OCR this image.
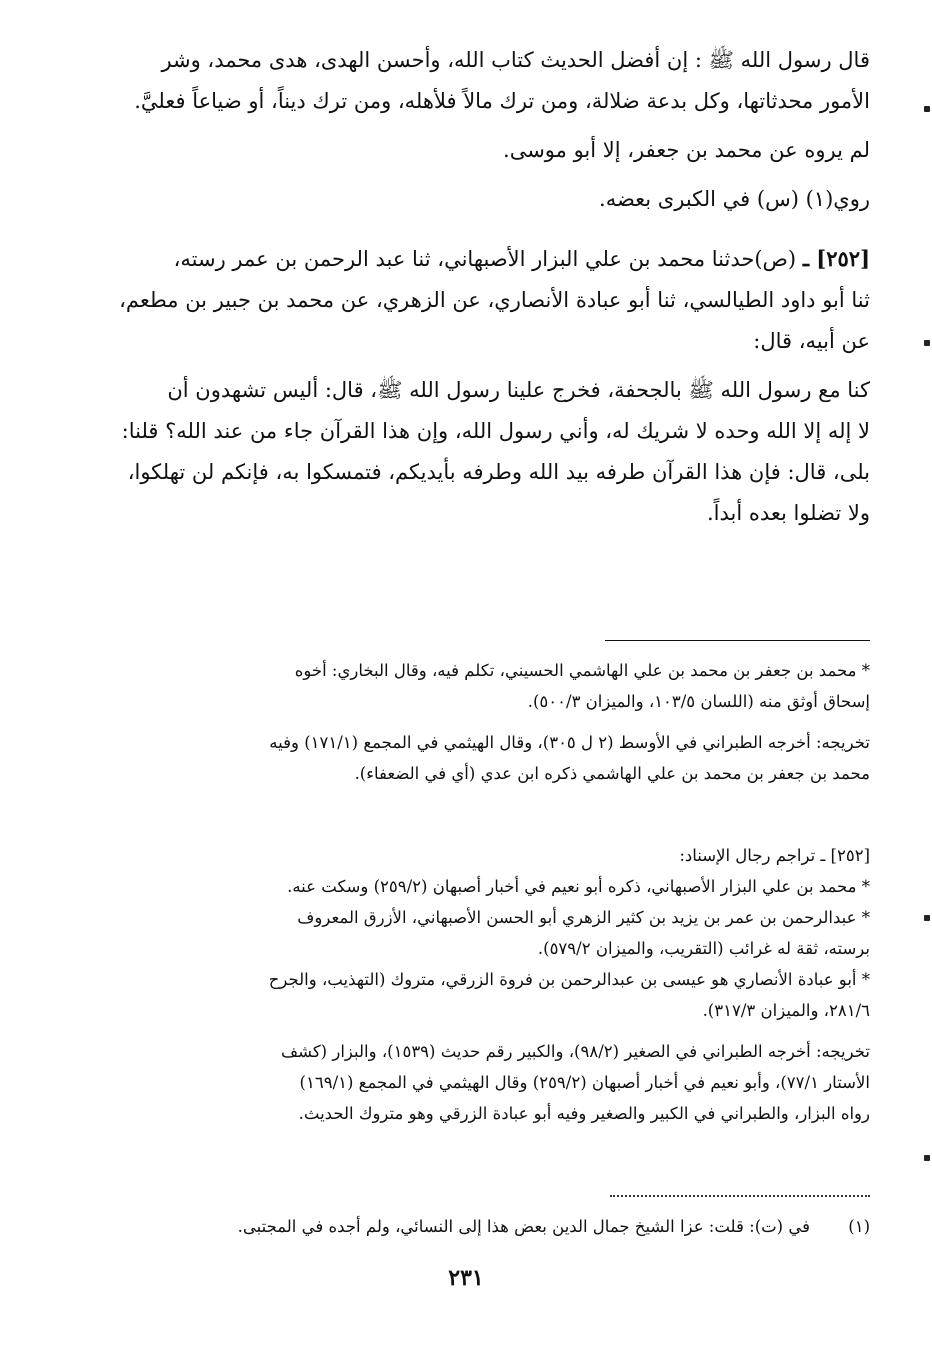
قال رسول الله ﷺ : إن أفضل الحديث كتاب الله، وأحسن الهدى، هدى محمد، وشر

الأمور محدثاتها، وكل بدعة ضلالة، ومن ترك مالاً فلأهله، ومن ترك ديناً، أو ضياعاً فعليَّ.

لم يروه عن محمد بن جعفر، إلا أبو موسى.

روي(١) (س) في الكبرى بعضه.

[٢٥٢] ـ (ص)حدثنا محمد بن علي البزار الأصبهاني، ثنا عبد الرحمن بن عمر رسته،

ثنا أبو داود الطيالسي، ثنا أبو عبادة الأنصاري، عن الزهري، عن محمد بن جبير بن مطعم،

عن أبيه، قال:

كنا مع رسول الله ﷺ بالجحفة، فخرج علينا رسول الله ﷺ، قال: أليس تشهدون أن

لا إله إلا الله وحده لا شريك له، وأني رسول الله، وإن هذا القرآن جاء من عند الله؟ قلنا:

بلى، قال: فإن هذا القرآن طرفه بيد الله وطرفه بأيديكم، فتمسكوا به، فإنكم لن تهلكوا،

ولا تضلوا بعده أبداً.

* محمد بن جعفر بن محمد بن علي الهاشمي الحسيني، تكلم فيه، وقال البخاري: أخوه

إسحاق أوثق منه (اللسان ١٠٣/٥، والميزان ٥٠٠/٣).

تخريجه: أخرجه الطبراني في الأوسط (٢ ل ٣٠٥)، وقال الهيثمي في المجمع (١٧١/١) وفيه

محمد بن جعفر بن محمد بن علي الهاشمي ذكره ابن عدي (أي في الضعفاء).

[٢٥٢] ـ تراجم رجال الإسناد:

* محمد بن علي البزار الأصبهاني، ذكره أبو نعيم في أخبار أصبهان (٢٥٩/٢) وسكت عنه.

* عبدالرحمن بن عمر بن يزيد بن كثير الزهري أبو الحسن الأصبهاني، الأزرق المعروف

برسته، ثقة له غرائب (التقريب، والميزان ٥٧٩/٢).

* أبو عبادة الأنصاري هو عيسى بن عبدالرحمن بن فروة الزرقي، متروك (التهذيب، والجرح

٢٨١/٦، والميزان ٣١٧/٣).

تخريجه: أخرجه الطبراني في الصغير (٩٨/٢)، والكبير رقم حديث (١٥٣٩)، والبزار (كشف

الأستار ٧٧/١)، وأبو نعيم في أخبار أصبهان (٢٥٩/٢) وقال الهيثمي في المجمع (١٦٩/١)

رواه البزار، والطبراني في الكبير والصغير وفيه أبو عبادة الزرقي وهو متروك الحديث.

(١)في (ت): قلت: عزا الشيخ جمال الدين بعض هذا إلى النسائي، ولم أجده في المجتبى.
٢٣١
